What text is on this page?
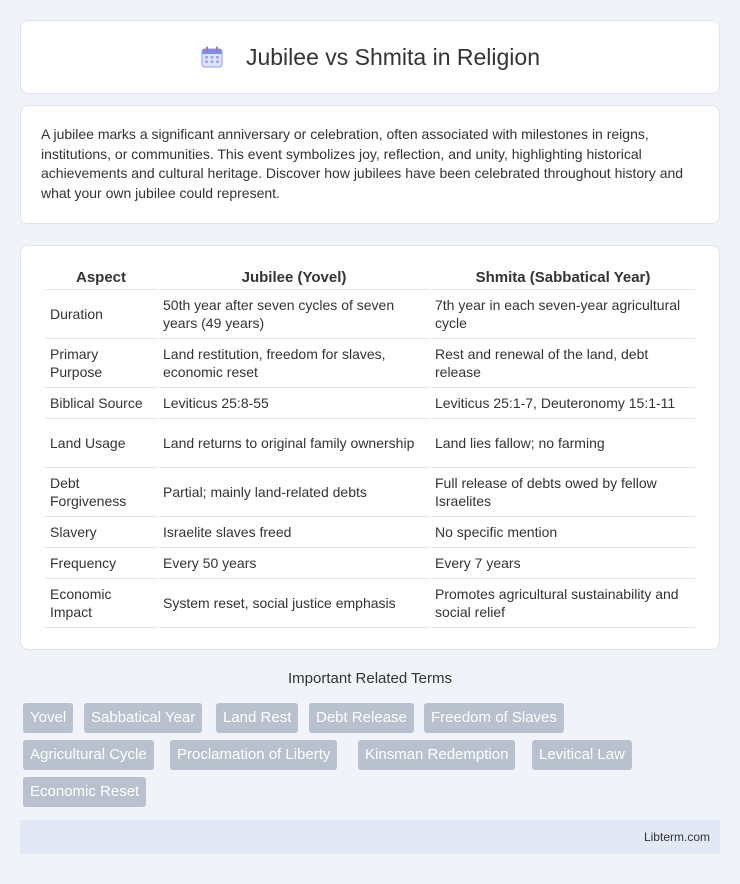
Jubilee vs Shmita in Religion

A jubilee marks a significant anniversary or celebration, often associated with milestones in reigns, institutions, or communities. This event symbolizes joy, reflection, and unity, highlighting historical achievements and cultural heritage. Discover how jubilees have been celebrated throughout history and what your own jubilee could represent.

Aspect	Jubilee (Yovel)	Shmita (Sabbatical Year)
Duration	50th year after seven cycles of seven years (49 years)	7th year in each seven-year agricultural cycle
Primary Purpose	Land restitution, freedom for slaves, economic reset	Rest and renewal of the land, debt release
Biblical Source	Leviticus 25:8-55	Leviticus 25:1-7, Deuteronomy 15:1-11
Land Usage	Land returns to original family ownership	Land lies fallow; no farming
Debt Forgiveness	Partial; mainly land-related debts	Full release of debts owed by fellow Israelites
Slavery	Israelite slaves freed	No specific mention
Frequency	Every 50 years	Every 7 years
Economic Impact	System reset, social justice emphasis	Promotes agricultural sustainability and social relief
Important Related Terms
Yovel	Sabbatical Year	Land Rest	Debt Release	Freedom of Slaves
Agricultural Cycle	Proclamation of Liberty	Kinsman Redemption	Levitical Law
Economic Reset
Libterm.com
